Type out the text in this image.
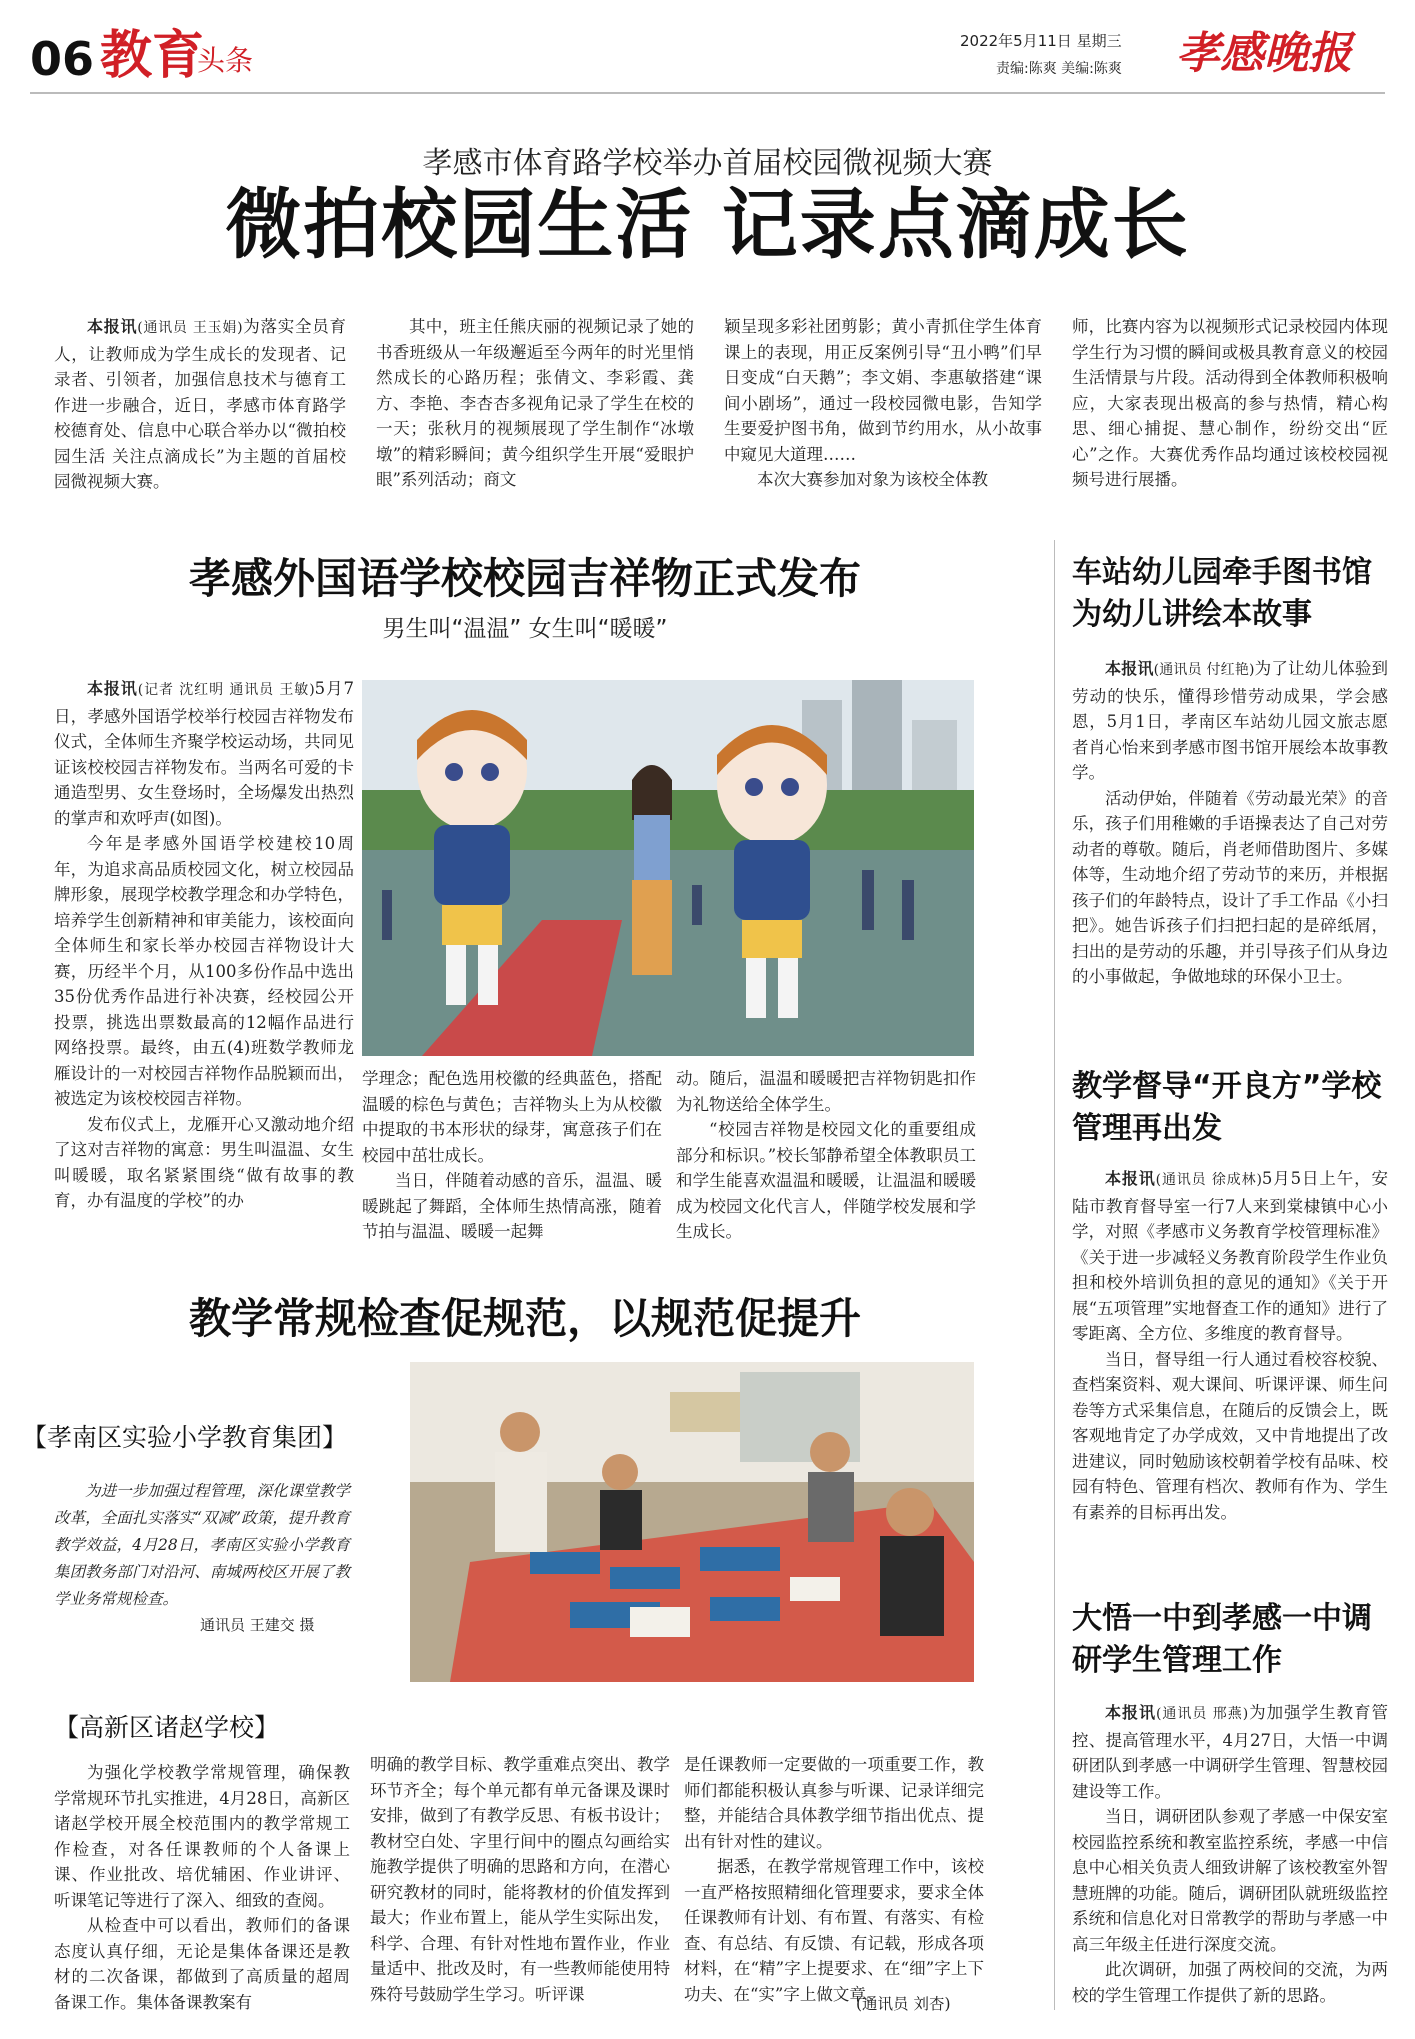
06 教育
头条
2022年5月11日 星期三
责编:陈爽 美编:陈爽 孝感晚报
孝感市体育路学校举办首届校园微视频大赛
微拍校园生活 记录点滴成长

本报讯(通讯员 王玉娟)为落实全员育人，让教师成为学生成长的发现者、记录者、引领者，加强信息技术与德育工作进一步融合，近日，孝感市体育路学校德育处、信息中心联合举办以“微拍校园生活 关注点滴成长”为主题的首届校园微视频大赛。

其中，班主任熊庆丽的视频记录了她的书香班级从一年级邂逅至今两年的时光里悄然成长的心路历程；张倩文、李彩霞、龚方、李艳、李杏杏多视角记录了学生在校的一天；张秋月的视频展现了学生制作“冰墩墩”的精彩瞬间；黄今组织学生开展“爱眼护眼”系列活动；商文

颖呈现多彩社团剪影；黄小青抓住学生体育课上的表现，用正反案例引导“丑小鸭”们早日变成“白天鹅”；李文娟、李惠敏搭建“课间小剧场”，通过一段校园微电影，告知学生要爱护图书角，做到节约用水，从小故事中窥见大道理……

本次大赛参加对象为该校全体教

师，比赛内容为以视频形式记录校园内体现学生行为习惯的瞬间或极具教育意义的校园生活情景与片段。活动得到全体教师积极响应，大家表现出极高的参与热情，精心构思、细心捕捉、慧心制作，纷纷交出“匠心”之作。大赛优秀作品均通过该校校园视频号进行展播。

孝感外国语学校校园吉祥物正式发布
男生叫“温温” 女生叫“暖暖”

本报讯(记者 沈红明 通讯员 王敏)5月7日，孝感外国语学校举行校园吉祥物发布仪式，全体师生齐聚学校运动场，共同见证该校校园吉祥物发布。当两名可爱的卡通造型男、女生登场时，全场爆发出热烈的掌声和欢呼声(如图)。

今年是孝感外国语学校建校10周年，为追求高品质校园文化，树立校园品牌形象，展现学校教学理念和办学特色，培养学生创新精神和审美能力，该校面向全体师生和家长举办校园吉祥物设计大赛，历经半个月，从100多份作品中选出35份优秀作品进行补决赛，经校园公开投票，挑选出票数最高的12幅作品进行网络投票。最终，由五(4)班数学教师龙雁设计的一对校园吉祥物作品脱颖而出，被选定为该校校园吉祥物。

发布仪式上，龙雁开心又激动地介绍了这对吉祥物的寓意：男生叫温温、女生叫暖暖，取名紧紧围绕“做有故事的教育，办有温度的学校”的办

学理念；配色选用校徽的经典蓝色，搭配温暖的棕色与黄色；吉祥物头上为从校徽中提取的书本形状的绿芽，寓意孩子们在校园中茁壮成长。

当日，伴随着动感的音乐，温温、暖暖跳起了舞蹈，全体师生热情高涨，随着节拍与温温、暖暖一起舞

动。随后，温温和暖暖把吉祥物钥匙扣作为礼物送给全体学生。

“校园吉祥物是校园文化的重要组成部分和标识。”校长邹静希望全体教职员工和学生能喜欢温温和暖暖，让温温和暖暖成为校园文化代言人，伴随学校发展和学生成长。

车站幼儿园牵手图书馆为幼儿讲绘本故事

本报讯(通讯员 付红艳)为了让幼儿体验到劳动的快乐，懂得珍惜劳动成果，学会感恩，5月1日，孝南区车站幼儿园文旅志愿者肖心怡来到孝感市图书馆开展绘本故事教学。

活动伊始，伴随着《劳动最光荣》的音乐，孩子们用稚嫩的手语操表达了自己对劳动者的尊敬。随后，肖老师借助图片、多媒体等，生动地介绍了劳动节的来历，并根据孩子们的年龄特点，设计了手工作品《小扫把》。她告诉孩子们扫把扫起的是碎纸屑，扫出的是劳动的乐趣，并引导孩子们从身边的小事做起，争做地球的环保小卫士。

教学督导“开良方”学校管理再出发

本报讯(通讯员 徐成林)5月5日上午，安陆市教育督导室一行7人来到棠棣镇中心小学，对照《孝感市义务教育学校管理标准》《关于进一步减轻义务教育阶段学生作业负担和校外培训负担的意见的通知》《关于开展“五项管理”实地督查工作的通知》进行了零距离、全方位、多维度的教育督导。

当日，督导组一行人通过看校容校貌、查档案资料、观大课间、听课评课、师生问卷等方式采集信息，在随后的反馈会上，既客观地肯定了办学成效，又中肯地提出了改进建议，同时勉励该校朝着学校有品味、校园有特色、管理有档次、教师有作为、学生有素养的目标再出发。

大悟一中到孝感一中调研学生管理工作

本报讯(通讯员 邢燕)为加强学生教育管控、提高管理水平，4月27日，大悟一中调研团队到孝感一中调研学生管理、智慧校园建设等工作。

当日，调研团队参观了孝感一中保安室校园监控系统和教室监控系统，孝感一中信息中心相关负责人细致讲解了该校教室外智慧班牌的功能。随后，调研团队就班级监控系统和信息化对日常教学的帮助与孝感一中高三年级主任进行深度交流。

此次调研，加强了两校间的交流，为两校的学生管理工作提供了新的思路。

教学常规检查促规范，以规范促提升
【孝南区实验小学教育集团】
为进一步加强过程管理，深化课堂教学改革，全面扎实落实“双减”政策，提升教育教学效益，4月28日，孝南区实验小学教育集团教务部门对沿河、南城两校区开展了教学业务常规检查。
通讯员 王建交 摄
【高新区诸赵学校】

为强化学校教学常规管理，确保教学常规环节扎实推进，4月28日，高新区诸赵学校开展全校范围内的教学常规工作检查，对各任课教师的个人备课上课、作业批改、培优辅困、作业讲评、听课笔记等进行了深入、细致的查阅。

从检查中可以看出，教师们的备课态度认真仔细，无论是集体备课还是教材的二次备课，都做到了高质量的超周备课工作。集体备课教案有

明确的教学目标、教学重难点突出、教学环节齐全；每个单元都有单元备课及课时安排，做到了有教学反思、有板书设计；教材空白处、字里行间中的圈点勾画给实施教学提供了明确的思路和方向，在潜心研究教材的同时，能将教材的价值发挥到最大；作业布置上，能从学生实际出发，科学、合理、有针对性地布置作业，作业量适中、批改及时，有一些教师能使用特殊符号鼓励学生学习。听评课

是任课教师一定要做的一项重要工作，教师们都能积极认真参与听课、记录详细完整，并能结合具体教学细节指出优点、提出有针对性的建议。

据悉，在教学常规管理工作中，该校一直严格按照精细化管理要求，要求全体任课教师有计划、有布置、有落实、有检查、有总结、有反馈、有记载，形成各项材料，在“精”字上提要求、在“细”字上下功夫、在“实”字上做文章。

(通讯员 刘杏)
